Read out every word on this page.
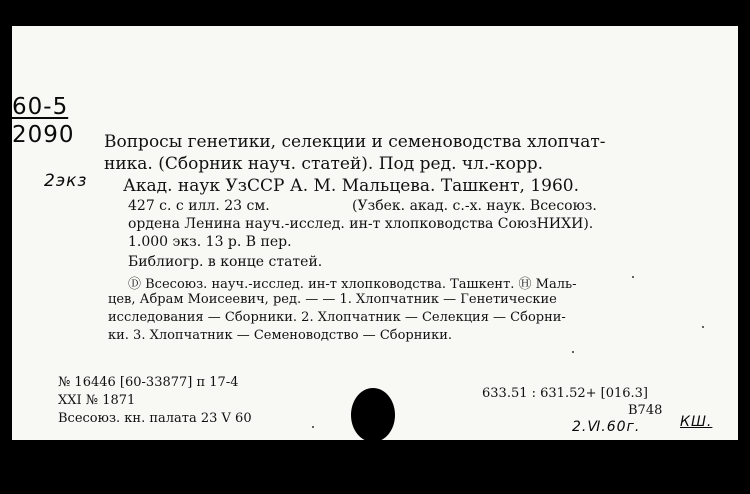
60-5
2090
2экз
Вопросы генетики, селекции и семеноводства хлопчат-
ника. (Сборник науч. статей). Под ред. чл.-корр.
Акад. наук УзССР А. М. Мальцева. Ташкент, 1960.
427 с. с илл. 23 см.	(Узбек. акад. с.-х. наук. Всесоюз.
ордена Ленина науч.-исслед. ин-т хлопководства СоюзНИХИ).
1.000 экз. 13 р. В пер.
Библиогр. в конце статей.
Ⓓ Всесоюз. науч.-исслед. ин-т хлопководства. Ташкент. Ⓗ Маль-
цев, Абрам Моисеевич, ред. — — 1. Хлопчатник — Генетические
исследования — Сборники. 2. Хлопчатник — Селекция — Сборни-
ки. 3. Хлопчатник — Семеноводство — Сборники.
№ 16446 [60-33877] п 17-4
XXI № 1871
Всесоюз. кн. палата 23 V 60
633.51 : 631.52+ [016.3]
B748
2.Ⅵ.60г.	КШ.
